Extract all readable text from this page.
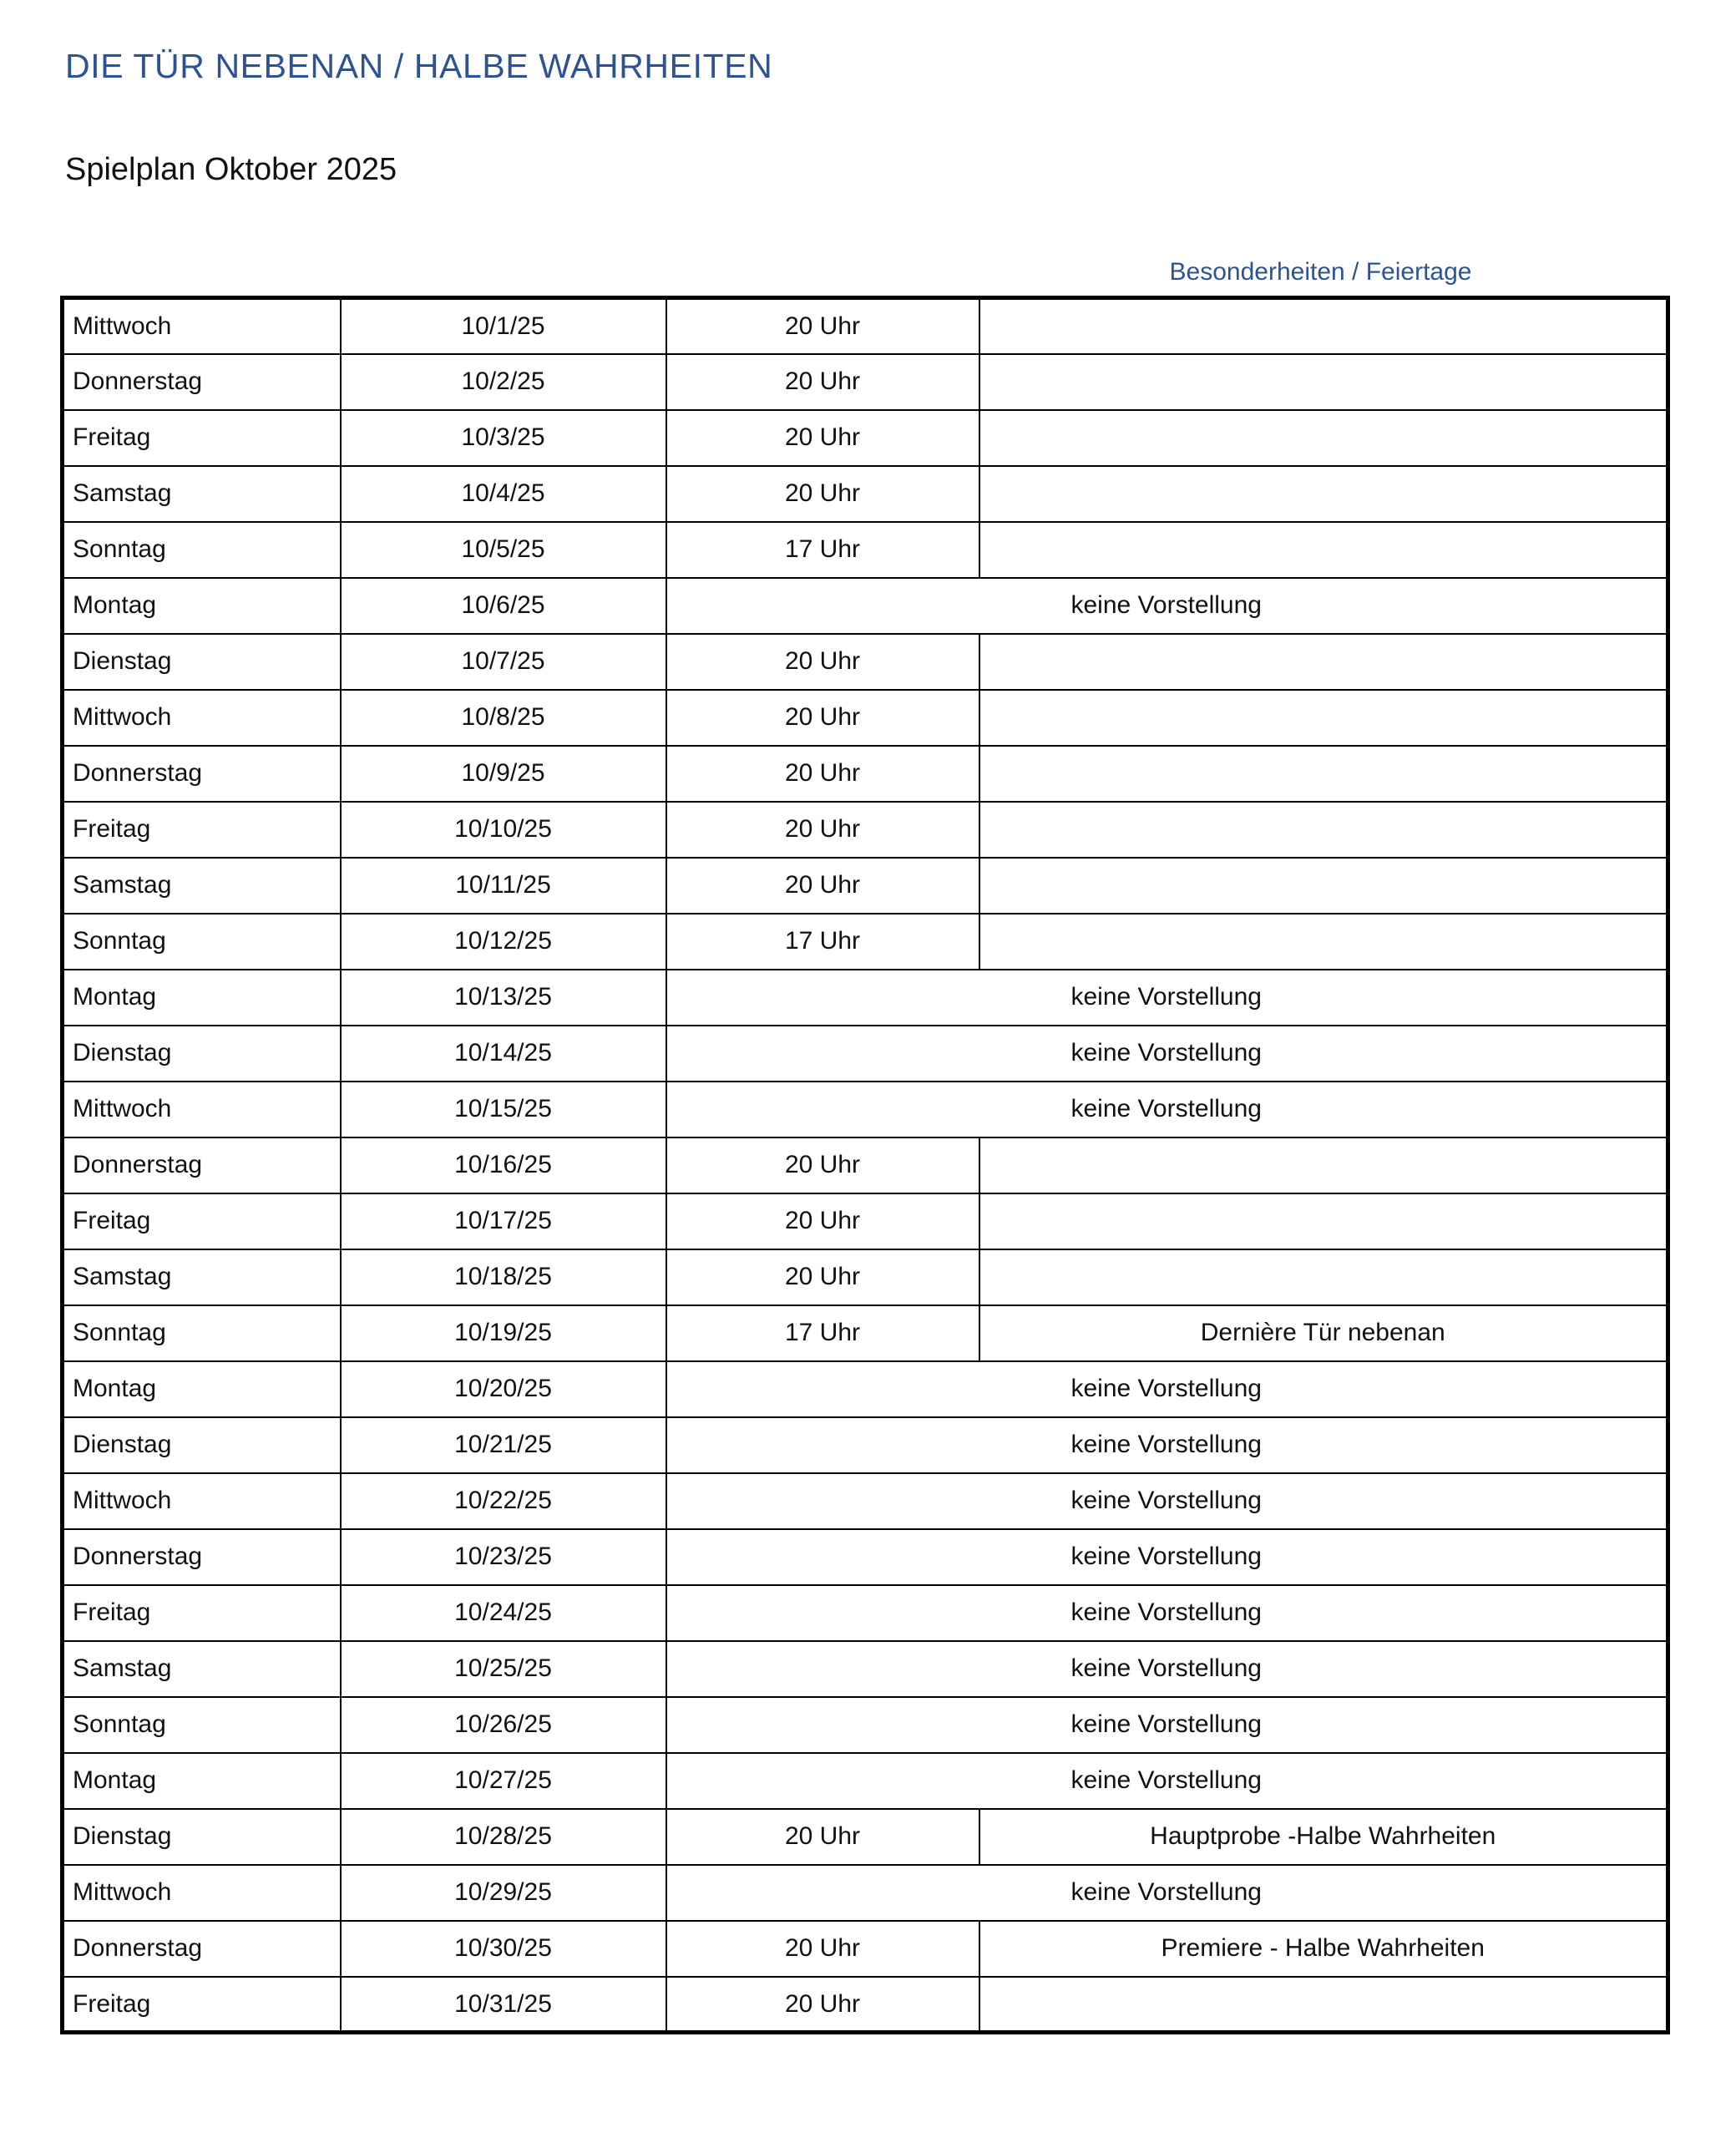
DIE TÜR NEBENAN / HALBE WAHRHEITEN
Spielplan Oktober 2025
Besonderheiten / Feiertage
Mittwoch	10/1/25	20 Uhr	
Donnerstag	10/2/25	20 Uhr	
Freitag	10/3/25	20 Uhr	
Samstag	10/4/25	20 Uhr	
Sonntag	10/5/25	17 Uhr	
Montag	10/6/25	keine Vorstellung	
Dienstag	10/7/25	20 Uhr	
Mittwoch	10/8/25	20 Uhr	
Donnerstag	10/9/25	20 Uhr	
Freitag	10/10/25	20 Uhr	
Samstag	10/11/25	20 Uhr	
Sonntag	10/12/25	17 Uhr	
Montag	10/13/25	keine Vorstellung	
Dienstag	10/14/25	keine Vorstellung	
Mittwoch	10/15/25	keine Vorstellung	
Donnerstag	10/16/25	20 Uhr	
Freitag	10/17/25	20 Uhr	
Samstag	10/18/25	20 Uhr	
Sonntag	10/19/25	17 Uhr	Dernière Tür nebenan
Montag	10/20/25	keine Vorstellung	
Dienstag	10/21/25	keine Vorstellung	
Mittwoch	10/22/25	keine Vorstellung	
Donnerstag	10/23/25	keine Vorstellung	
Freitag	10/24/25	keine Vorstellung	
Samstag	10/25/25	keine Vorstellung	
Sonntag	10/26/25	keine Vorstellung	
Montag	10/27/25	keine Vorstellung	
Dienstag	10/28/25	20 Uhr	Hauptprobe -Halbe Wahrheiten
Mittwoch	10/29/25	keine Vorstellung	
Donnerstag	10/30/25	20 Uhr	Premiere - Halbe Wahrheiten
Freitag	10/31/25	20 Uhr	
